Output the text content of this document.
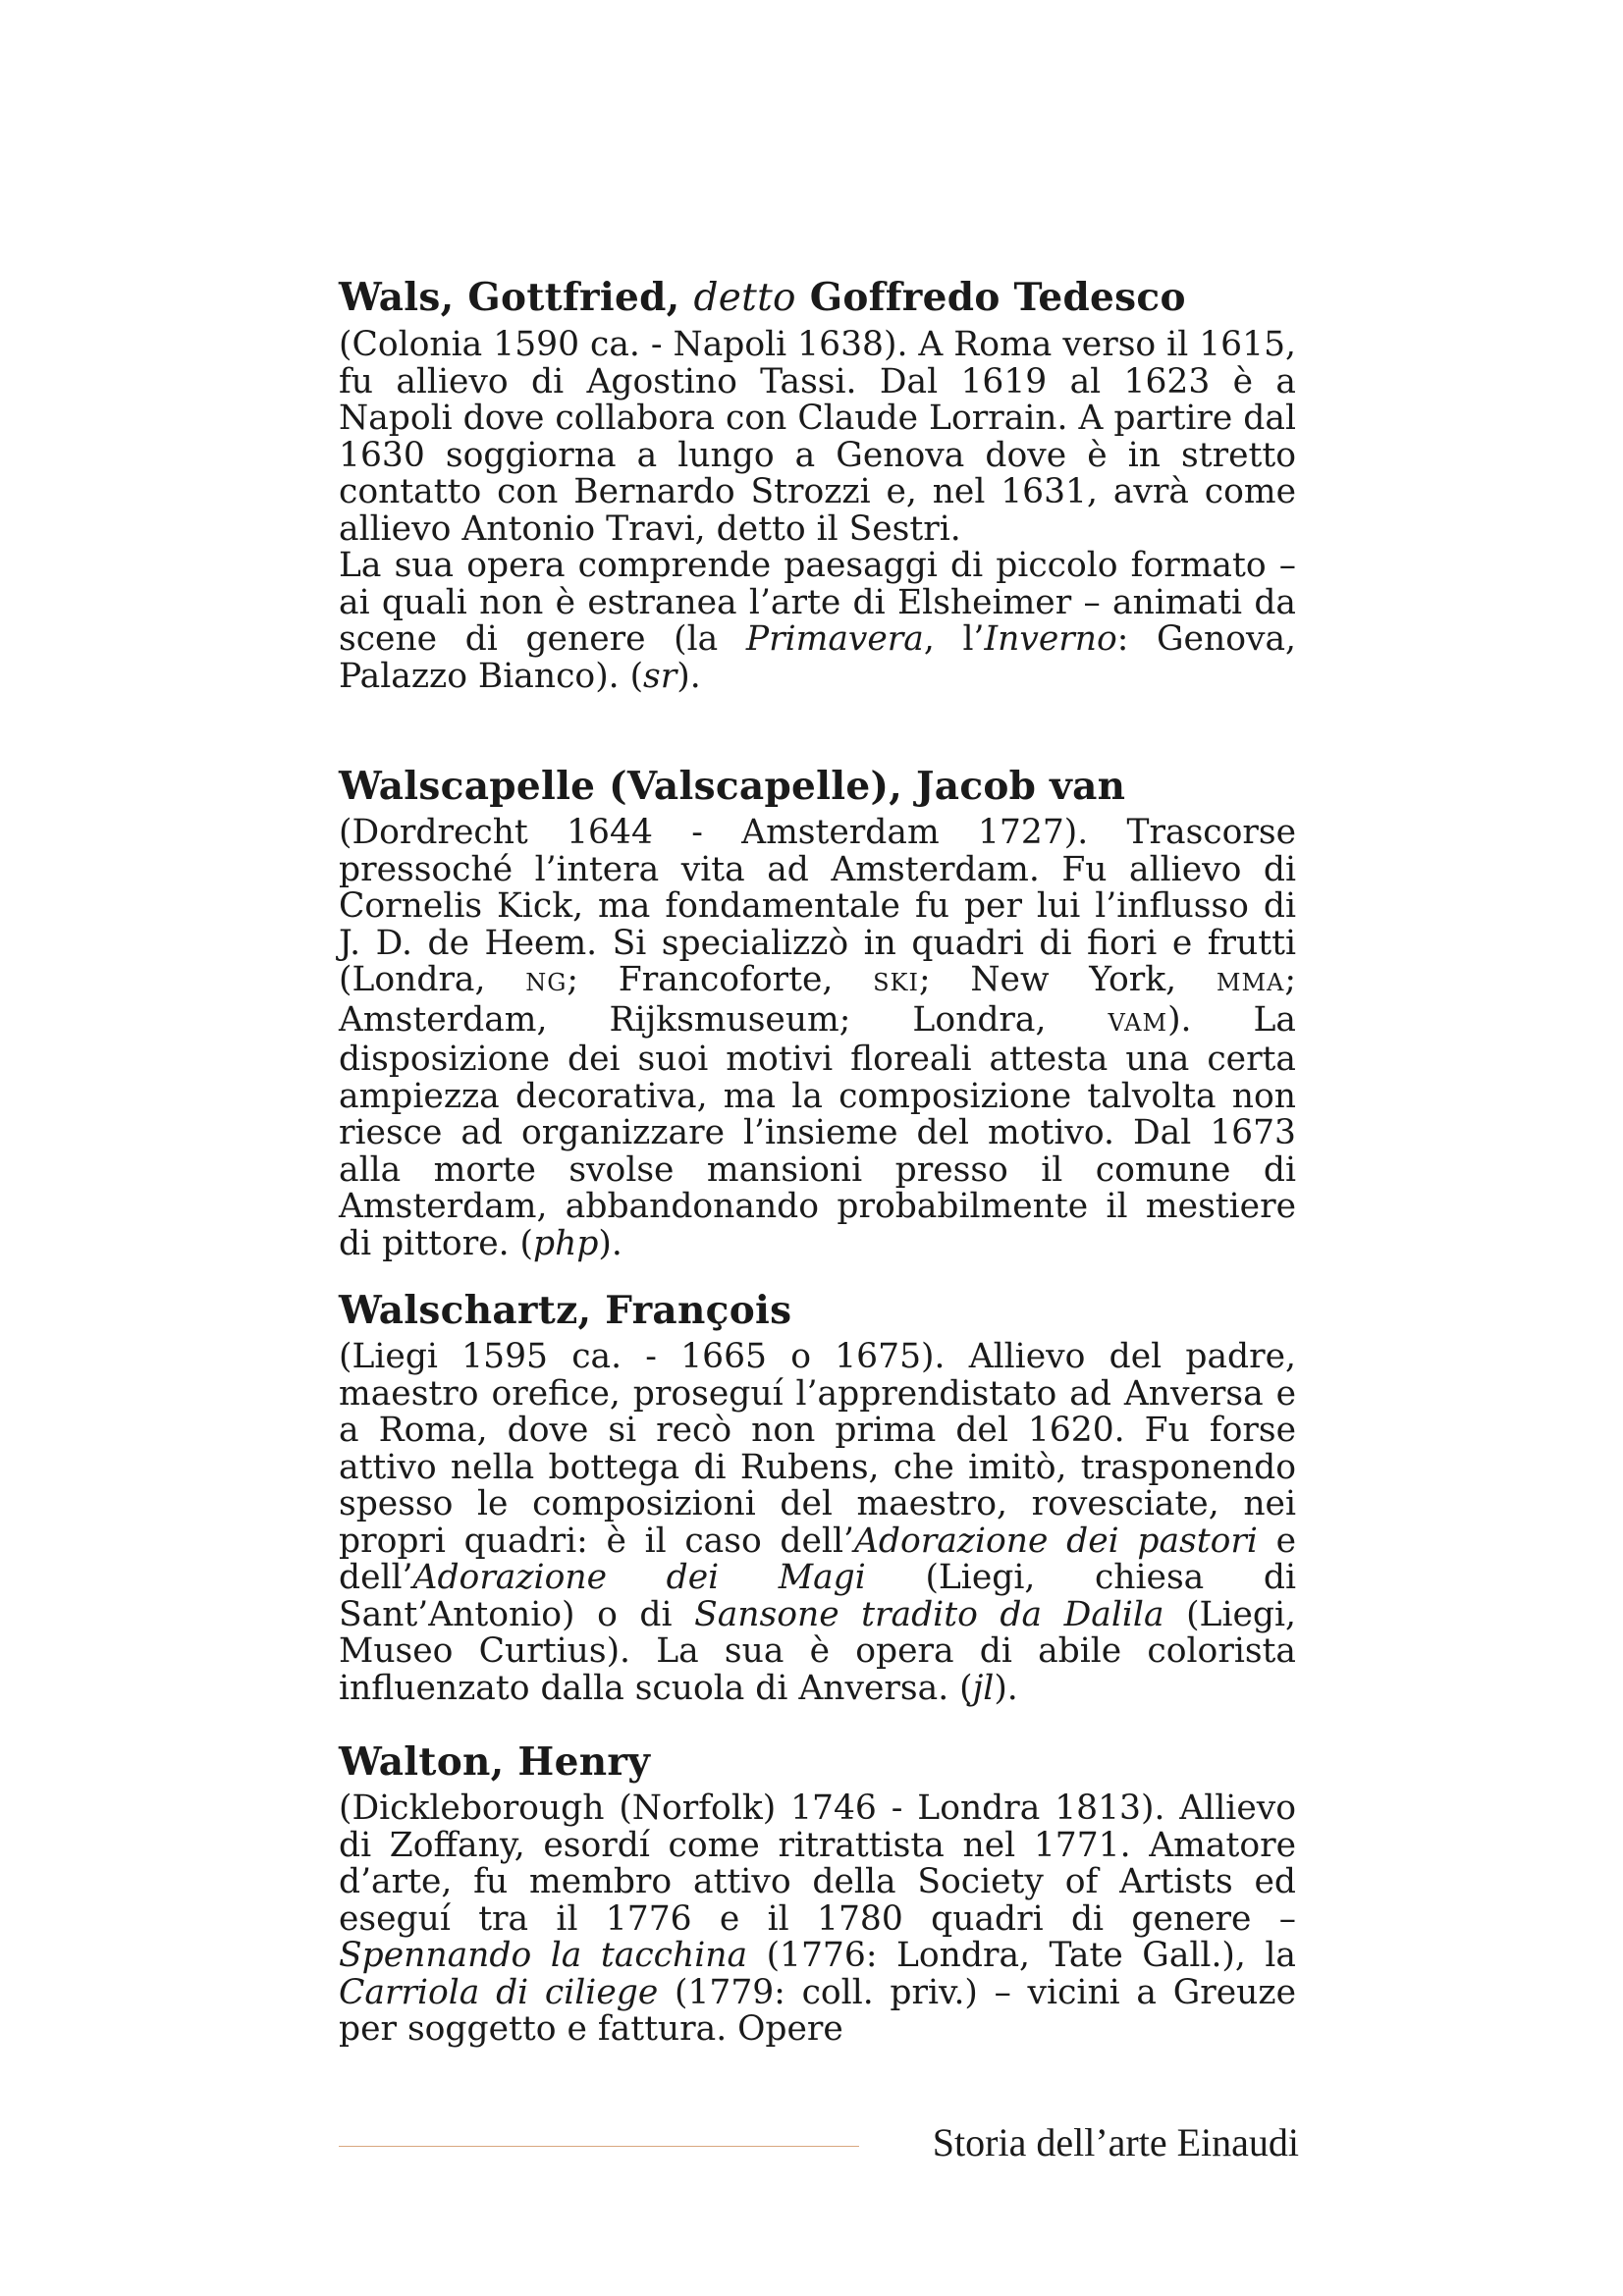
Wals, Gottfried, detto Goffredo Tedesco

(Colonia 1590 ca. - Napoli 1638). A Roma verso il 1615, fu allievo di Agostino Tassi. Dal 1619 al 1623 è a Napoli dove collabora con Claude Lorrain. A partire dal 1630 soggiorna a lungo a Genova dove è in stretto contatto con Bernardo Strozzi e, nel 1631, avrà come allievo Antonio Travi, detto il Sestri.
La sua opera comprende paesaggi di piccolo formato – ai quali non è estranea l’arte di Elsheimer – animati da scene di genere (la Primavera, l’Inverno: Genova, Palazzo Bianco). (sr).

Walscapelle (Valscapelle), Jacob van

(Dordrecht 1644 - Amsterdam 1727). Trascorse pressoché l’intera vita ad Amsterdam. Fu allievo di Cornelis Kick, ma fondamentale fu per lui l’influsso di J. D. de Heem. Si specializzò in quadri di fiori e frutti (Londra, NG; Francoforte, SKI; New York, MMA; Amsterdam, Rijksmuseum; Londra, VAM). La disposizione dei suoi motivi floreali attesta una certa ampiezza decorativa, ma la composizione talvolta non riesce ad organizzare l’insieme del motivo. Dal 1673 alla morte svolse mansioni presso il comune di Amsterdam, abbandonando probabilmente il mestiere di pittore. (php).

Walschartz, François

(Liegi 1595 ca. - 1665 o 1675). Allievo del padre, maestro orefice, proseguí l’apprendistato ad Anversa e a Roma, dove si recò non prima del 1620. Fu forse attivo nella bottega di Rubens, che imitò, trasponendo spesso le composizioni del maestro, rovesciate, nei propri quadri: è il caso dell’Adorazione dei pastori e dell’Adorazione dei Magi (Liegi, chiesa di Sant’Antonio) o di Sansone tradito da Dalila (Liegi, Museo Curtius). La sua è opera di abile colorista influenzato dalla scuola di Anversa. (jl).

Walton, Henry

(Dickleborough (Norfolk) 1746 - Londra 1813). Allievo di Zoffany, esordí come ritrattista nel 1771. Amatore d’arte, fu membro attivo della Society of Artists ed eseguí tra il 1776 e il 1780 quadri di genere – Spennando la tacchina (1776: Londra, Tate Gall.), la Carriola di ciliege (1779: coll. priv.) – vicini a Greuze per soggetto e fattura. Opere

Storia dell’arte Einaudi
